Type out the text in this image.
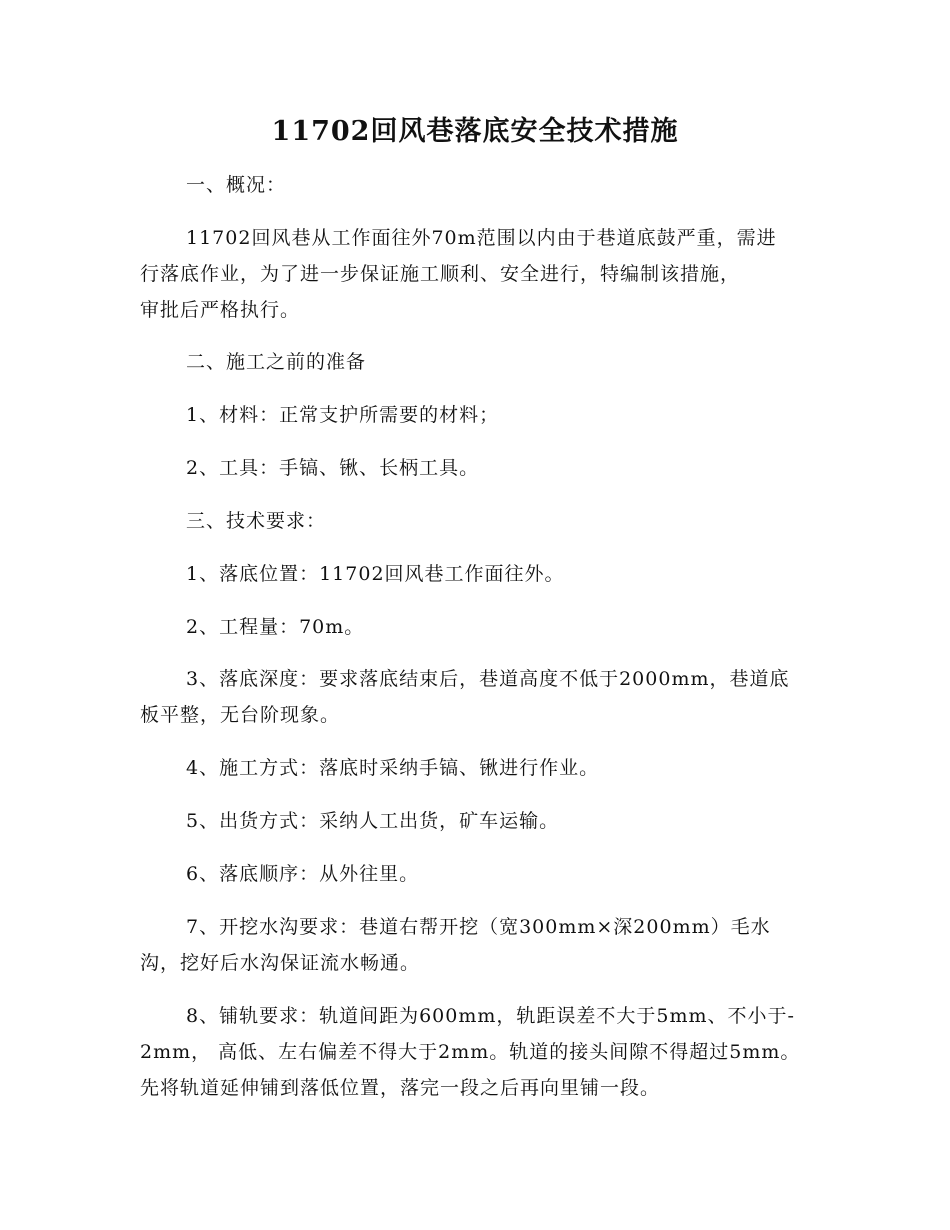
11702回风巷落底安全技术措施
一、概况：
11702回风巷从工作面往外70m范围以内由于巷道底鼓严重，需进
行落底作业，为了进一步保证施工顺利、安全进行，特编制该措施，
审批后严格执行。
二、施工之前的准备
1、材料：正常支护所需要的材料；
2、工具：手镐、锹、长柄工具。
三、技术要求：
1、落底位置：11702回风巷工作面往外。
2、工程量：70m。
3、落底深度：要求落底结束后，巷道高度不低于2000mm，巷道底
板平整，无台阶现象。
4、施工方式：落底时采纳手镐、锹进行作业。
5、出货方式：采纳人工出货，矿车运输。
6、落底顺序：从外往里。
7、开挖水沟要求：巷道右帮开挖（宽300mm×深200mm）毛水
沟，挖好后水沟保证流水畅通。
8、铺轨要求：轨道间距为600mm，轨距误差不大于5mm、不小于-
2mm， 高低、左右偏差不得大于2mm。轨道的接头间隙不得超过5mm。
先将轨道延伸铺到落低位置，落完一段之后再向里铺一段。
